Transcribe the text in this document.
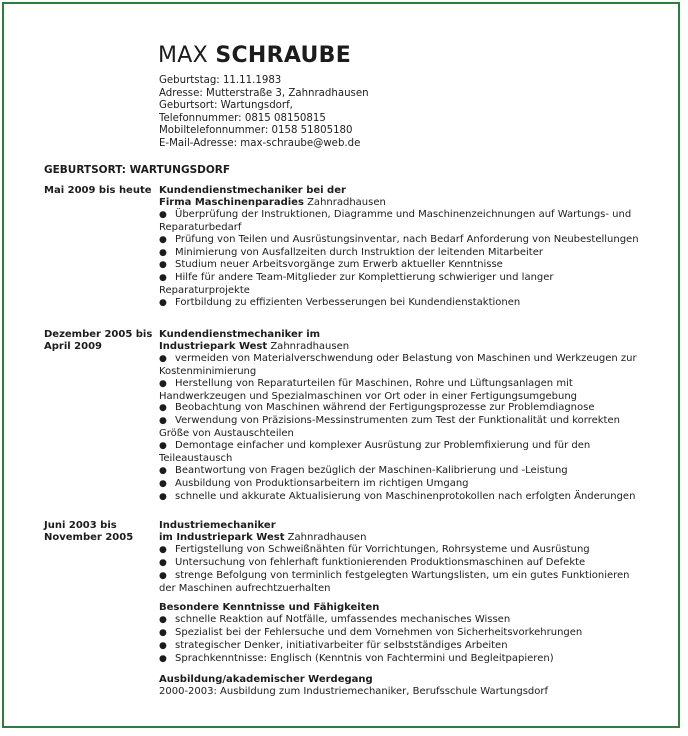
MAX SCHRAUBE
Geburtstag: 11.11.1983
Adresse: Mutterstraße 3, Zahnradhausen
Geburtsort: Wartungsdorf,
Telefonnummer: 0815 08150815
Mobiltelefonnummer: 0158 51805180
E-Mail-Adresse: max-schraube@web.de
GEBURTSORT: WARTUNGSDORF
Mai 2009 bis heute Kundendienstmechaniker bei der
Firma Maschinenparadies Zahnradhausen
● Überprüfung der Instruktionen, Diagramme und Maschinenzeichnungen auf Wartungs- und Reparaturbedarf
● Prüfung von Teilen und Ausrüstungsinventar, nach Bedarf Anforderung von Neubestellungen
● Minimierung von Ausfallzeiten durch Instruktion der leitenden Mitarbeiter
● Studium neuer Arbeitsvorgänge zum Erwerb aktueller Kenntnisse
● Hilfe für andere Team-Mitglieder zur Komplettierung schwieriger und langer Reparaturprojekte
● Fortbildung zu effizienten Verbesserungen bei Kundendienstaktionen
Dezember 2005 bis April 2009
Kundendienstmechaniker im
Industriepark West Zahnradhausen
● vermeiden von Materialverschwendung oder Belastung von Maschinen und Werkzeugen zur Kostenminimierung
● Herstellung von Reparaturteilen für Maschinen, Rohre und Lüftungsanlagen mit Handwerkzeugen und Spezialmaschinen vor Ort oder in einer Fertigungsumgebung
● Beobachtung von Maschinen während der Fertigungsprozesse zur Problemdiagnose
● Verwendung von Präzisions-Messinstrumenten zum Test der Funktionalität und korrekten Größe von Austauschteilen
● Demontage einfacher und komplexer Ausrüstung zur Problemfixierung und für den Teileaustausch
● Beantwortung von Fragen bezüglich der Maschinen-Kalibrierung und -Leistung
● Ausbildung von Produktionsarbeitern im richtigen Umgang
● schnelle und akkurate Aktualisierung von Maschinenprotokollen nach erfolgten Änderungen
Juni 2003 bis November 2005
Industriemechaniker
im Industriepark West Zahnradhausen
● Fertigstellung von Schweißnähten für Vorrichtungen, Rohrsysteme und Ausrüstung
● Untersuchung von fehlerhaft funktionierenden Produktionsmaschinen auf Defekte
● strenge Befolgung von terminlich festgelegten Wartungslisten, um ein gutes Funktionieren der Maschinen aufrechtzuerhalten
Besondere Kenntnisse und Fähigkeiten
● schnelle Reaktion auf Notfälle, umfassendes mechanisches Wissen
● Spezialist bei der Fehlersuche und dem Vornehmen von Sicherheitsvorkehrungen
● strategischer Denker, initiativarbeiter für selbstständiges Arbeiten
● Sprachkenntnisse: Englisch (Kenntnis von Fachtermini und Begleitpapieren)
Ausbildung/akademischer Werdegang
2000-2003: Ausbildung zum Industriemechaniker, Berufsschule Wartungsdorf
